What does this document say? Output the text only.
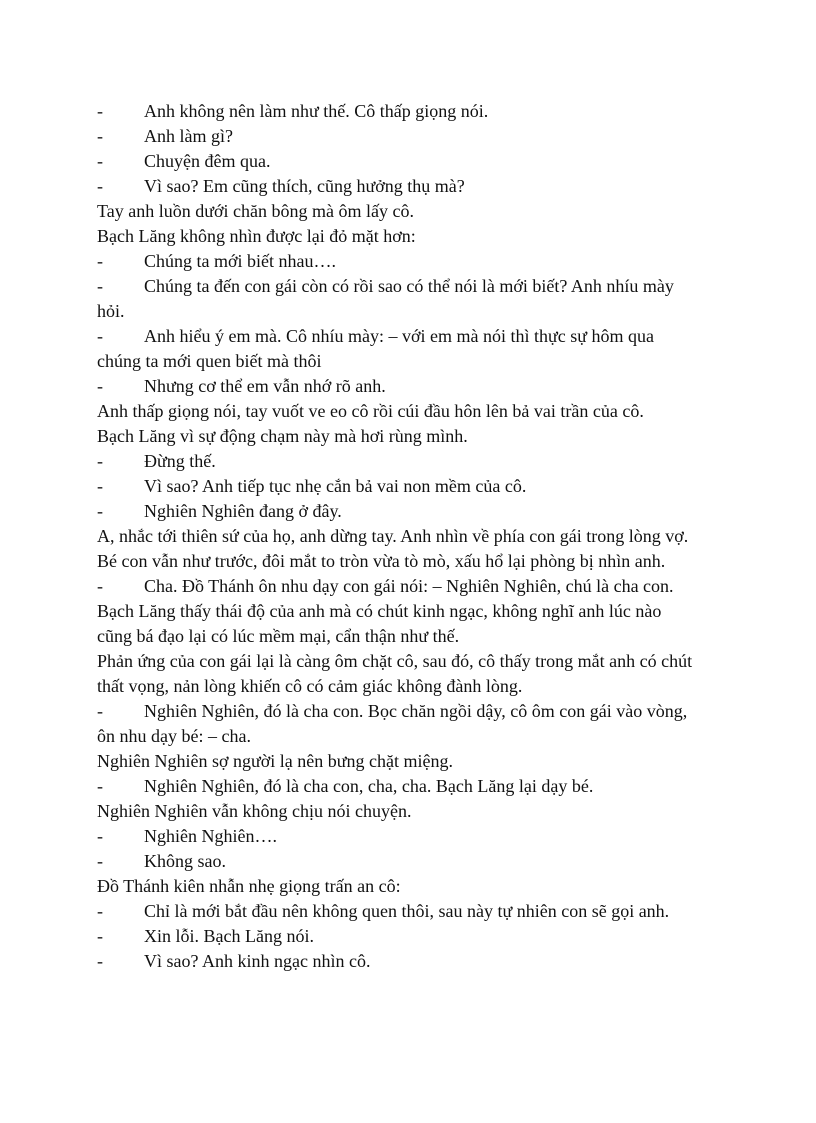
-	Anh không nên làm như thế. Cô thấp giọng nói.
-	Anh làm gì?
-	Chuyện đêm qua.
-	Vì sao? Em cũng thích, cũng hưởng thụ mà?
Tay anh luồn dưới chăn bông mà ôm lấy cô.
Bạch Lăng không nhìn được lại đỏ mặt hơn:
-	Chúng ta mới biết nhau….
-	Chúng ta đến con gái còn có rồi sao có thể nói là mới biết? Anh nhíu mày
hỏi.
-	Anh hiểu ý em mà. Cô nhíu mày: – với em mà nói thì thực sự hôm qua
chúng ta mới quen biết mà thôi
-	Nhưng cơ thể em vẫn nhớ rõ anh.
Anh thấp giọng nói, tay vuốt ve eo cô rồi cúi đầu hôn lên bả vai trần của cô.
Bạch Lăng vì sự động chạm này mà hơi rùng mình.
-	Đừng thế.
-	Vì sao? Anh tiếp tục nhẹ cắn bả vai non mềm của cô.
-	Nghiên Nghiên đang ở đây.
A, nhắc tới thiên sứ của họ, anh dừng tay. Anh nhìn về phía con gái trong lòng vợ.
Bé con vẫn như trước, đôi mắt to tròn vừa tò mò, xấu hổ lại phòng bị nhìn anh.
-	Cha. Đồ Thánh ôn nhu dạy con gái nói: – Nghiên Nghiên, chú là cha con.
Bạch Lăng thấy thái độ của anh mà có chút kinh ngạc, không nghĩ anh lúc nào
cũng bá đạo lại có lúc mềm mại, cẩn thận như thế.
Phản ứng của con gái lại là càng ôm chặt cô, sau đó, cô thấy trong mắt anh có chút
thất vọng, nản lòng khiến cô có cảm giác không đành lòng.
-	Nghiên Nghiên, đó là cha con. Bọc chăn ngồi dậy, cô ôm con gái vào vòng,
ôn nhu dạy bé: – cha.
Nghiên Nghiên sợ người lạ nên bưng chặt miệng.
-	Nghiên Nghiên, đó là cha con, cha, cha. Bạch Lăng lại dạy bé.
Nghiên Nghiên vẫn không chịu nói chuyện.
-	Nghiên Nghiên….
-	Không sao.
Đồ Thánh kiên nhẫn nhẹ giọng trấn an cô:
-	Chỉ là mới bắt đầu nên không quen thôi, sau này tự nhiên con sẽ gọi anh.
-	Xin lỗi. Bạch Lăng nói.
-	Vì sao? Anh kinh ngạc nhìn cô.
